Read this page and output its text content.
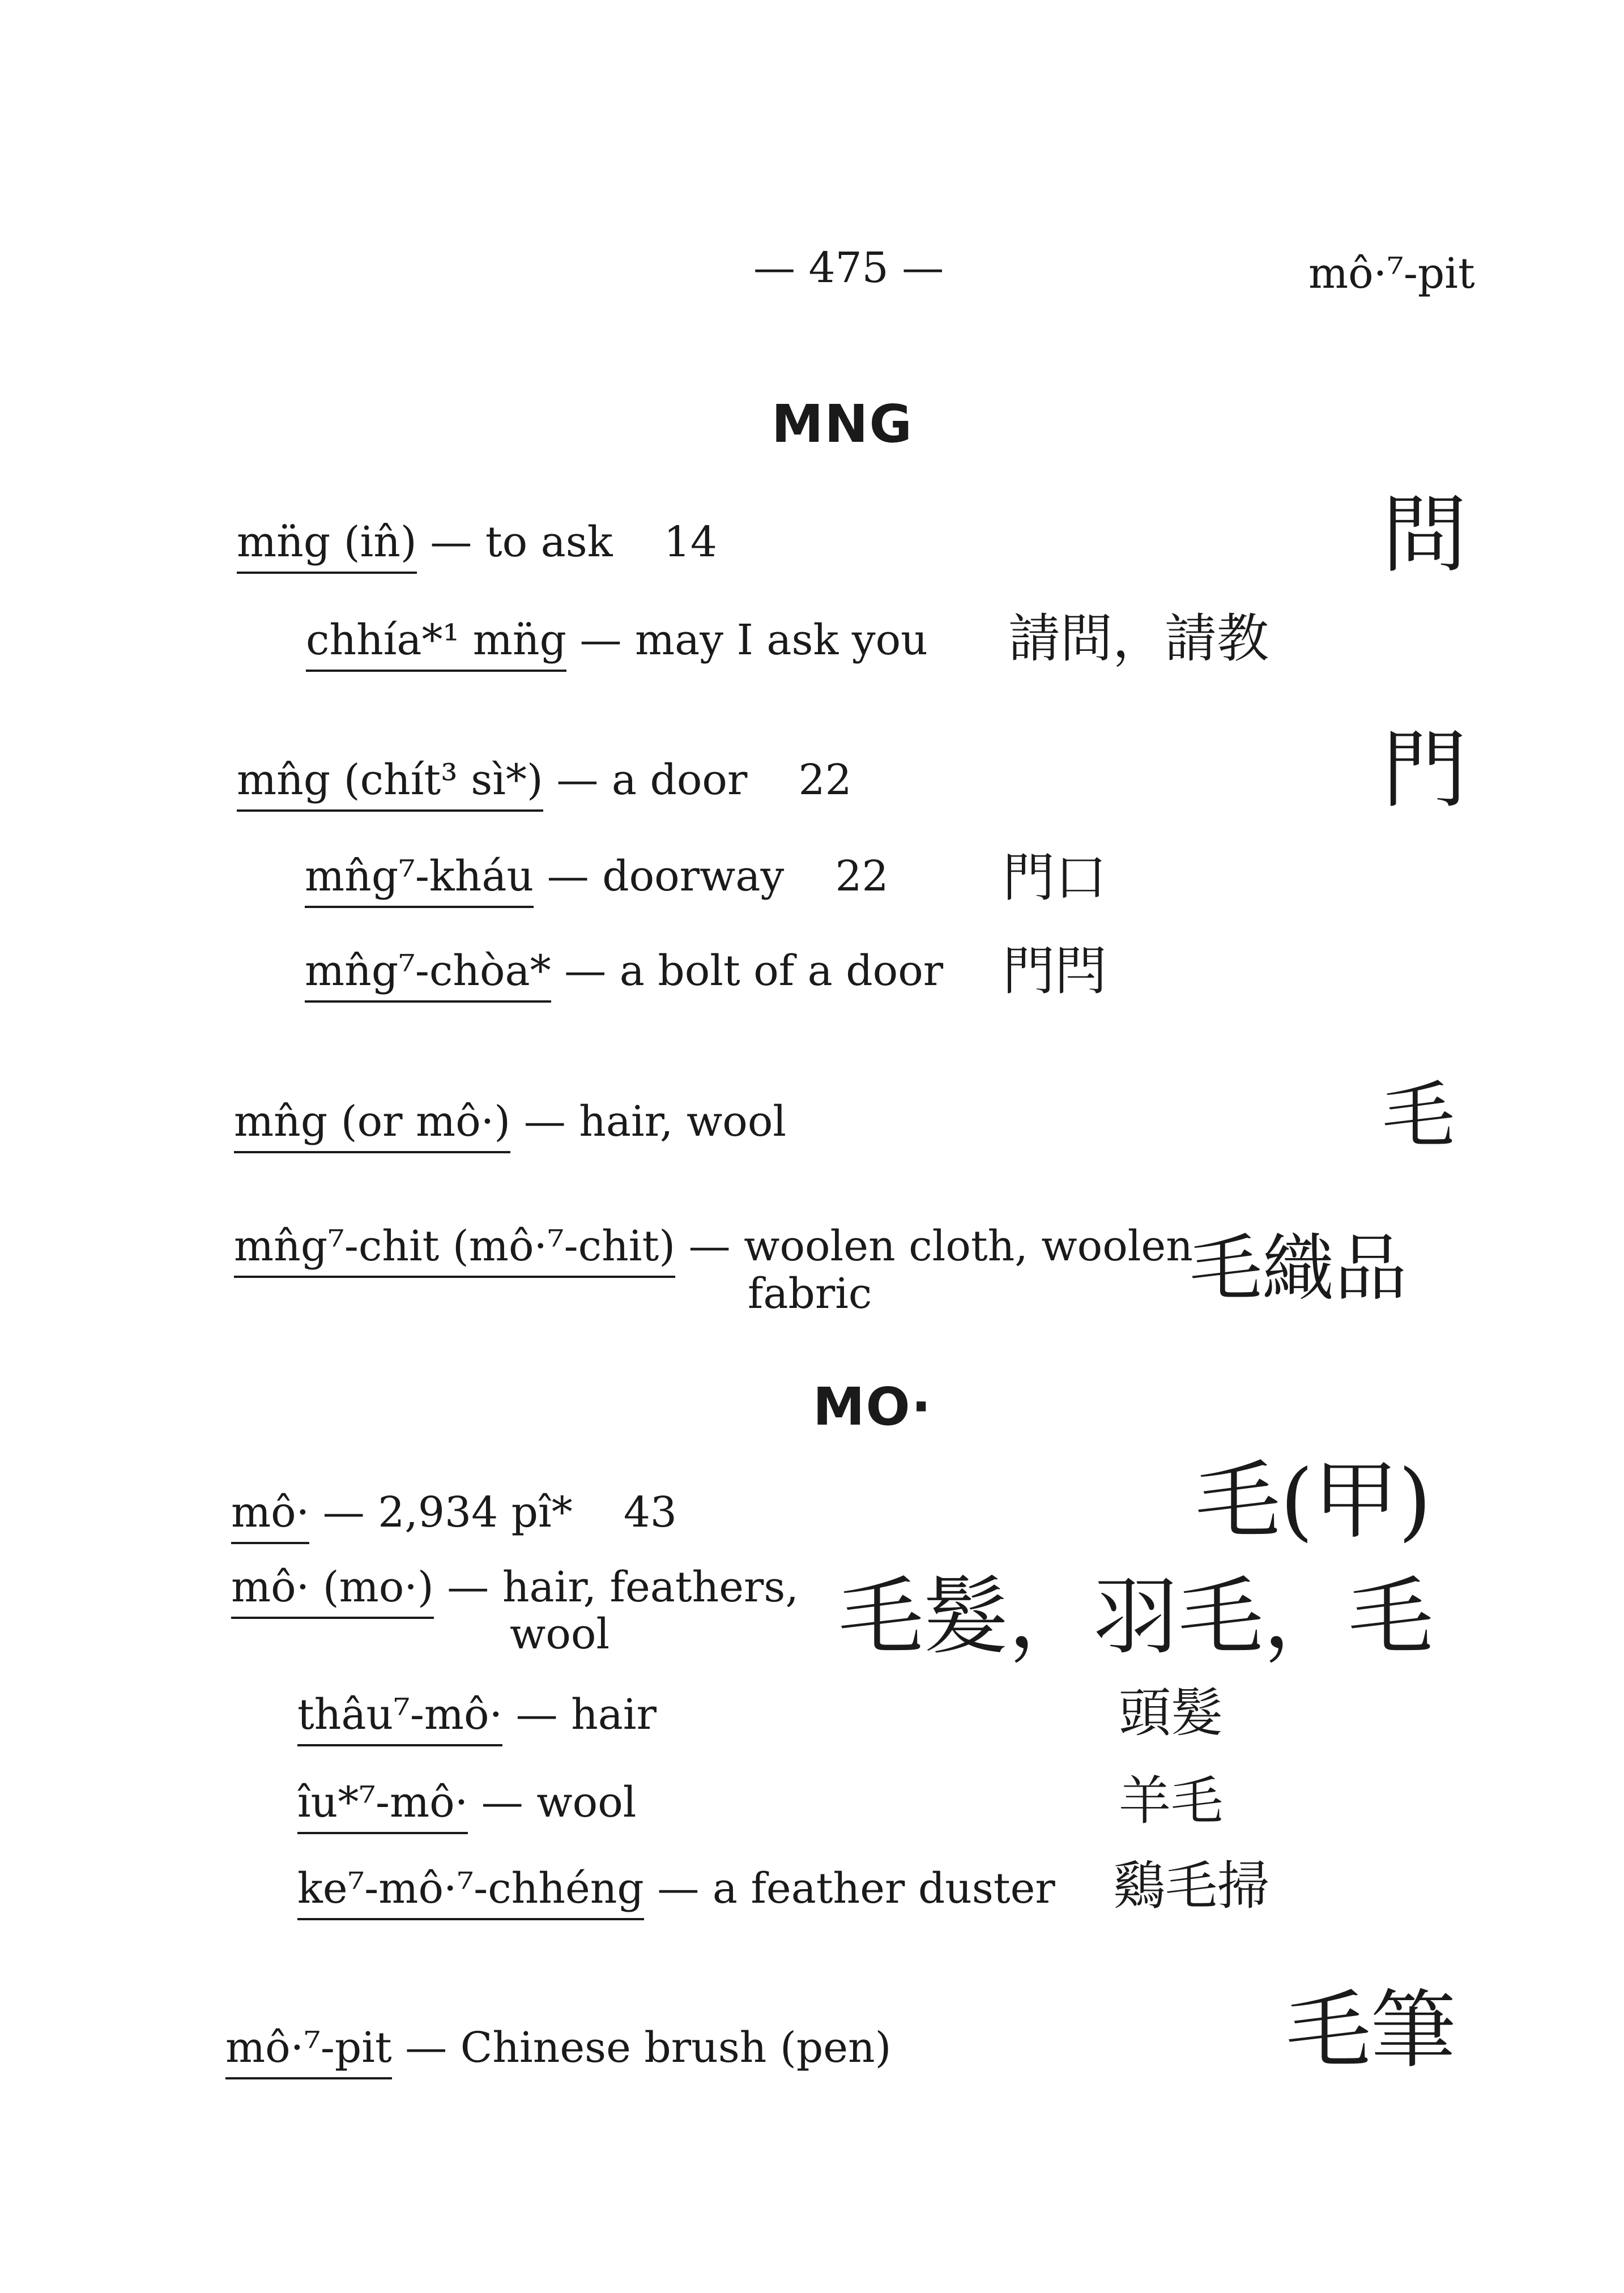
— 475 —	mô·⁷-pit
MNG
mn̈g (in̂) — to ask 14	問
chhía*¹ mn̈g — may I ask you 請問，請教
mn̂g (chít³ sì*) — a door 22	門
mn̂g⁷-kháu — doorway 22 門口
mn̂g⁷-chòa* — a bolt of a door 門閂
mn̂g (or mô·) — hair, wool	毛
mn̂g⁷-chit (mô·⁷-chit) — woolen cloth, woolen
fabric	毛織品
MO·
mô· — 2,934 pî* 43	毛(甲)
mô· (mo·) — hair, feathers,
wool	毛髮，羽毛，毛
thâu⁷-mô· — hair	頭髮
îu*⁷-mô· — wool	羊毛
ke⁷-mô·⁷-chhéng — a feather duster 鷄毛掃
mô·⁷-pit — Chinese brush (pen)	毛筆
